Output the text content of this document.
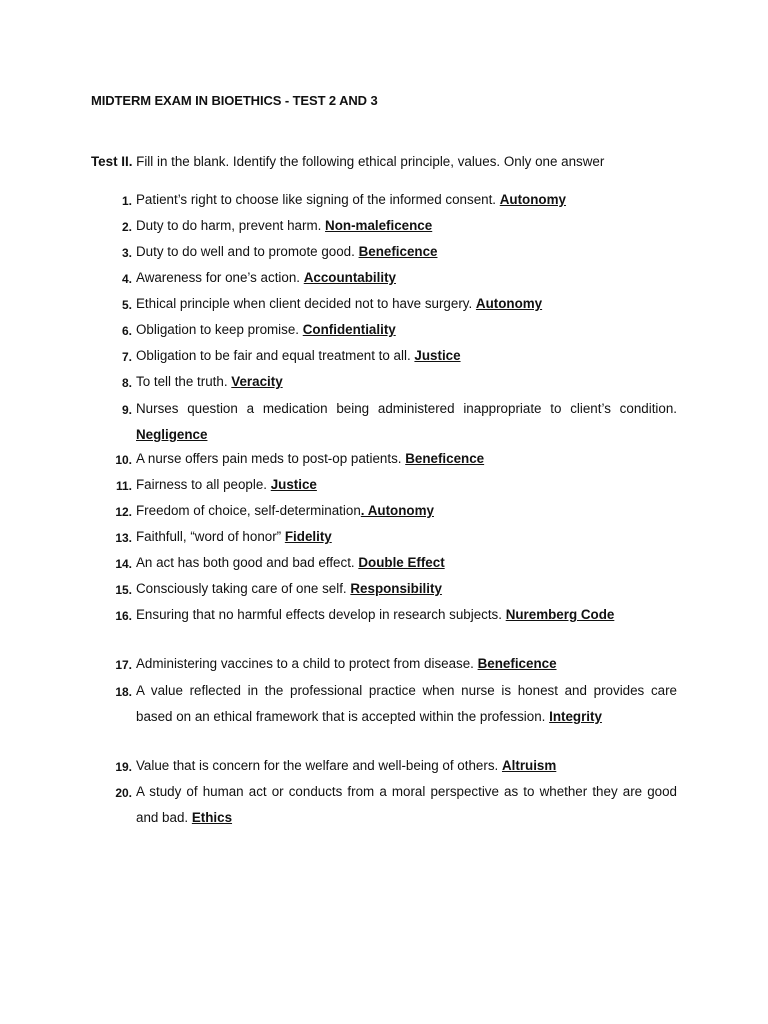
MIDTERM EXAM IN BIOETHICS - TEST 2 AND 3
Test II. Fill in the blank. Identify the following ethical principle, values. Only one answer
1. Patient’s right to choose like signing of the informed consent. Autonomy
2. Duty to do harm, prevent harm. Non-maleficence
3. Duty to do well and to promote good. Beneficence
4. Awareness for one’s action. Accountability
5. Ethical principle when client decided not to have surgery. Autonomy
6. Obligation to keep promise. Confidentiality
7. Obligation to be fair and equal treatment to all. Justice
8. To tell the truth. Veracity
9. Nurses question a medication being administered inappropriate to client’s condition. Negligence
10. A nurse offers pain meds to post-op patients. Beneficence
11. Fairness to all people. Justice
12. Freedom of choice, self-determination. Autonomy
13. Faithfull, “word of honor” Fidelity
14. An act has both good and bad effect. Double Effect
15. Consciously taking care of one self. Responsibility
16. Ensuring that no harmful effects develop in research subjects. Nuremberg Code
17. Administering vaccines to a child to protect from disease. Beneficence
18. A value reflected in the professional practice when nurse is honest and provides care based on an ethical framework that is accepted within the profession. Integrity
19. Value that is concern for the welfare and well-being of others. Altruism
20. A study of human act or conducts from a moral perspective as to whether they are good and bad. Ethics
